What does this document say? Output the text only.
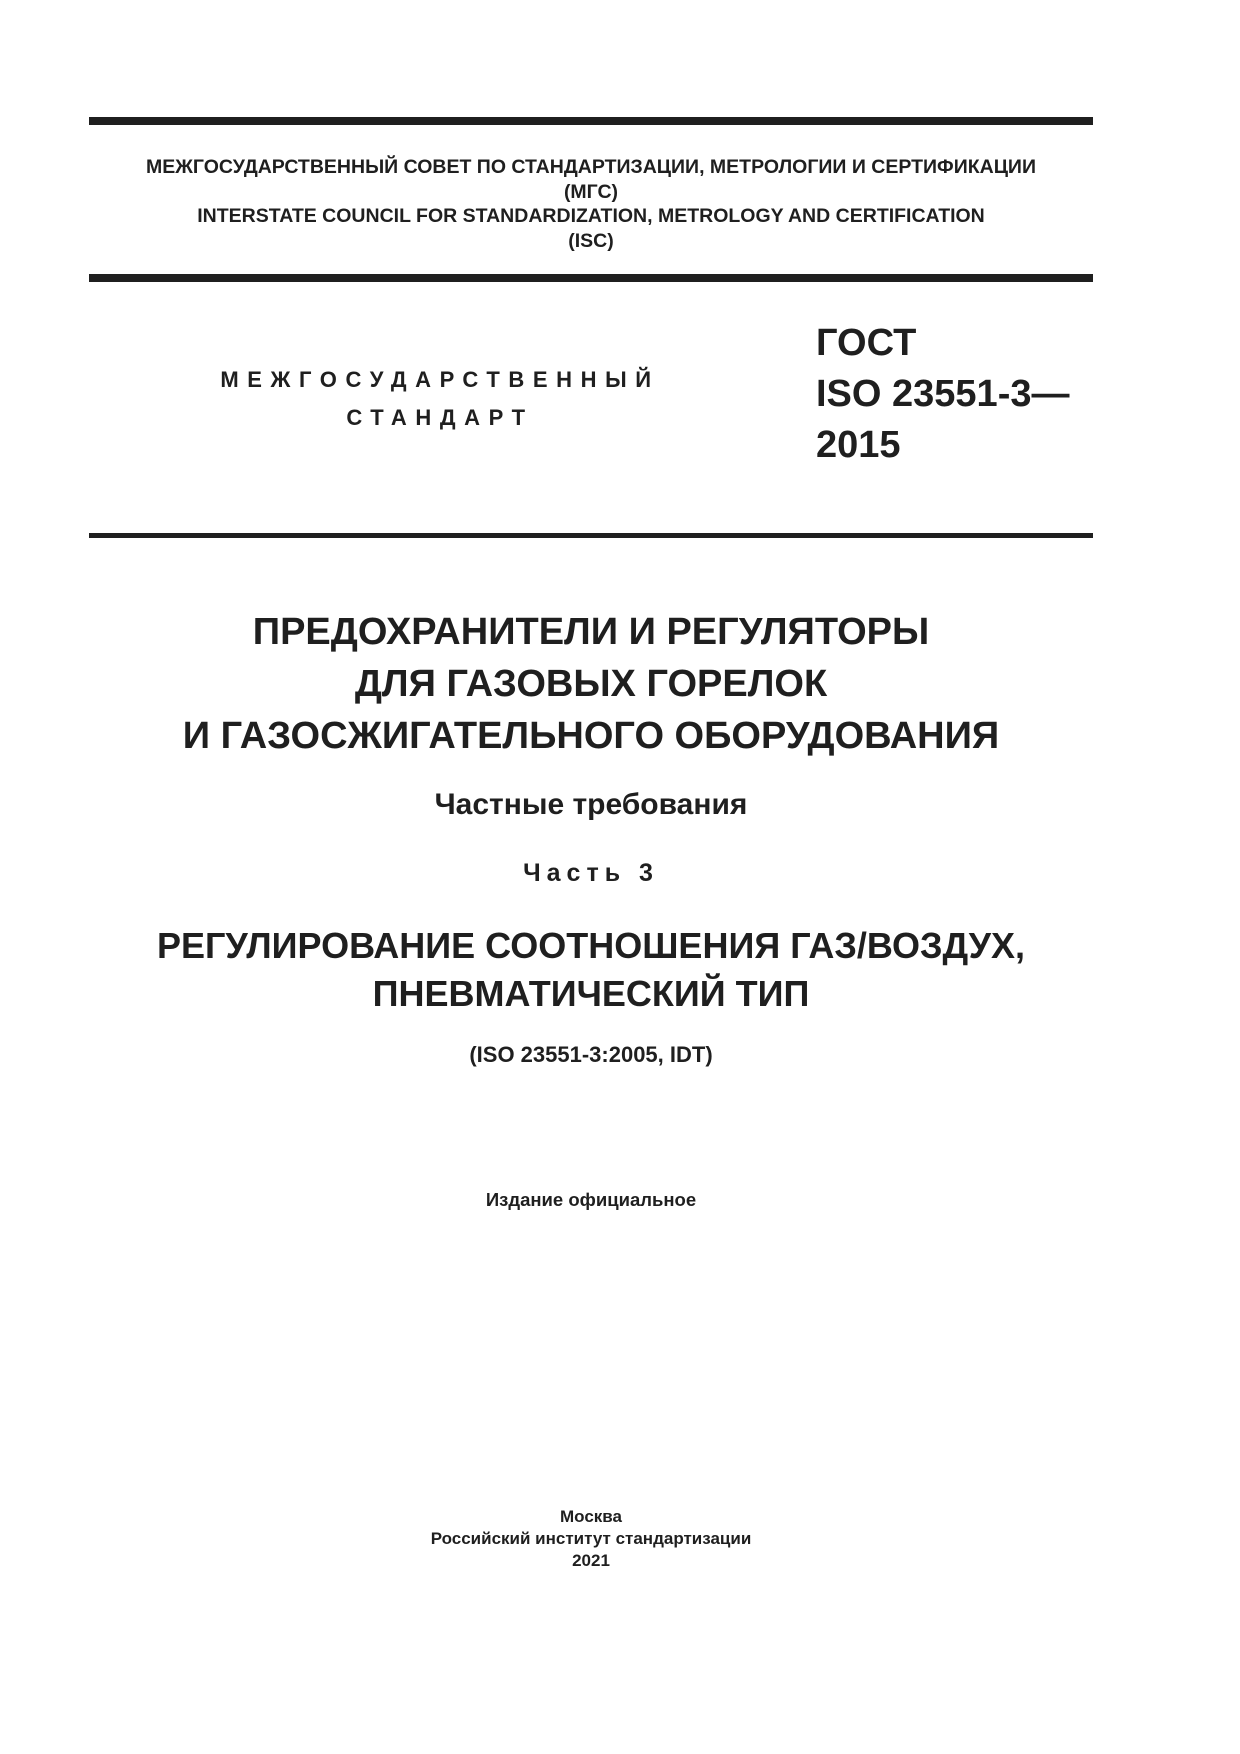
МЕЖГОСУДАРСТВЕННЫЙ СОВЕТ ПО СТАНДАРТИЗАЦИИ, МЕТРОЛОГИИ И СЕРТИФИКАЦИИ
(МГС)
INTERSTATE COUNCIL FOR STANDARDIZATION, METROLOGY AND CERTIFICATION
(ISC)
МЕЖГОСУДАРСТВЕННЫЙ
СТАНДАРТ
ГОСТ
ISO 23551-3—
2015
ПРЕДОХРАНИТЕЛИ И РЕГУЛЯТОРЫ
ДЛЯ ГАЗОВЫХ ГОРЕЛОК
И ГАЗОСЖИГАТЕЛЬНОГО ОБОРУДОВАНИЯ
Частные требования
Часть 3
РЕГУЛИРОВАНИЕ СООТНОШЕНИЯ ГАЗ/ВОЗДУХ,
ПНЕВМАТИЧЕСКИЙ ТИП
(ISO 23551-3:2005, IDT)
Издание официальное
Москва
Российский институт стандартизации
2021
